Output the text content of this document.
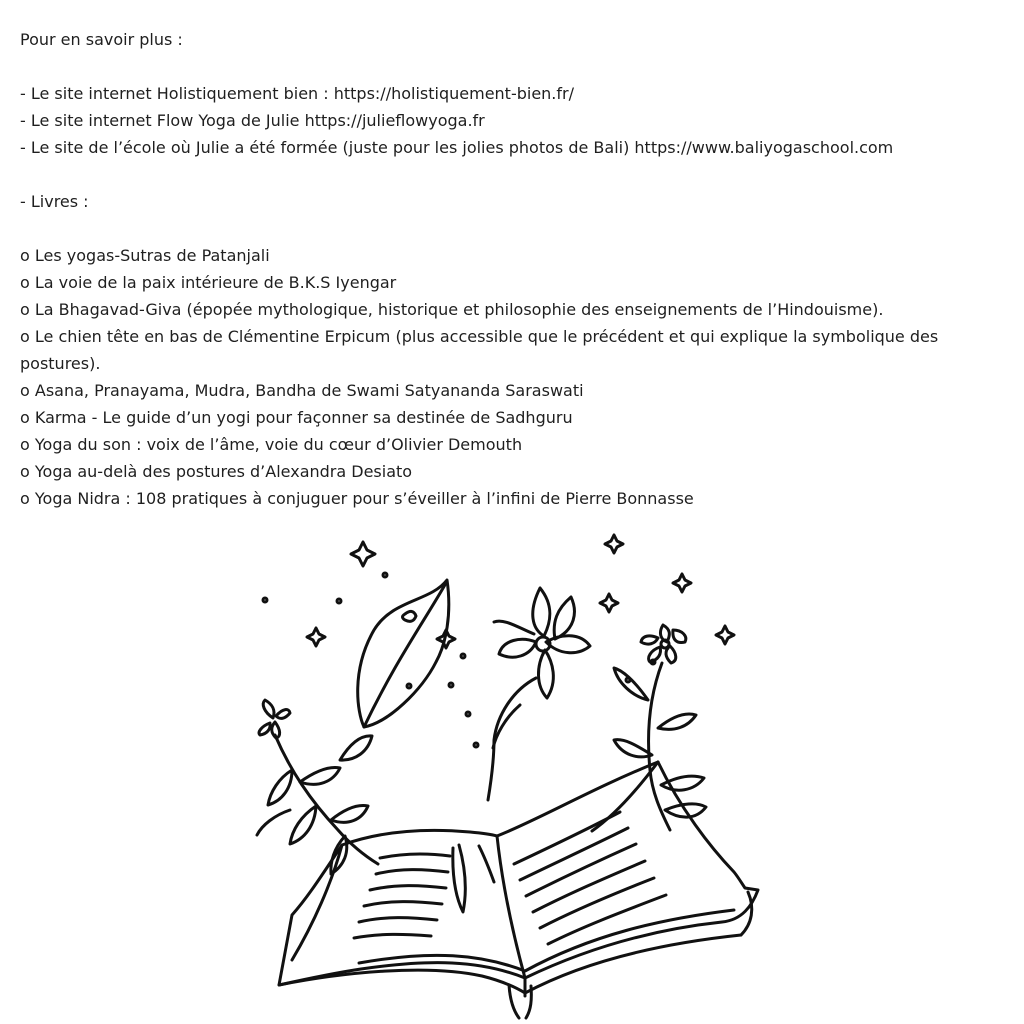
Pour en savoir plus :
- Le site internet Holistiquement bien : https://holistiquement-bien.fr/
- Le site internet Flow Yoga de Julie https://julieflowyoga.fr
- Le site de l’école où Julie a été formée (juste pour les jolies photos de Bali) https://www.baliyogaschool.com
- Livres :
o Les yogas-Sutras de Patanjali
o La voie de la paix intérieure de B.K.S Iyengar
o La Bhagavad-Giva (épopée mythologique, historique et philosophie des enseignements de l’Hindouisme).
o Le chien tête en bas de Clémentine Erpicum (plus accessible que le précédent et qui explique la symbolique des postures).
o Asana, Pranayama, Mudra, Bandha de Swami Satyananda Saraswati
o Karma - Le guide d’un yogi pour façonner sa destinée de Sadhguru
o Yoga du son : voix de l’âme, voie du cœur d’Olivier Demouth
o Yoga au-delà des postures d’Alexandra Desiato
o Yoga Nidra : 108 pratiques à conjuguer pour s’éveiller à l’infini de Pierre Bonnasse
